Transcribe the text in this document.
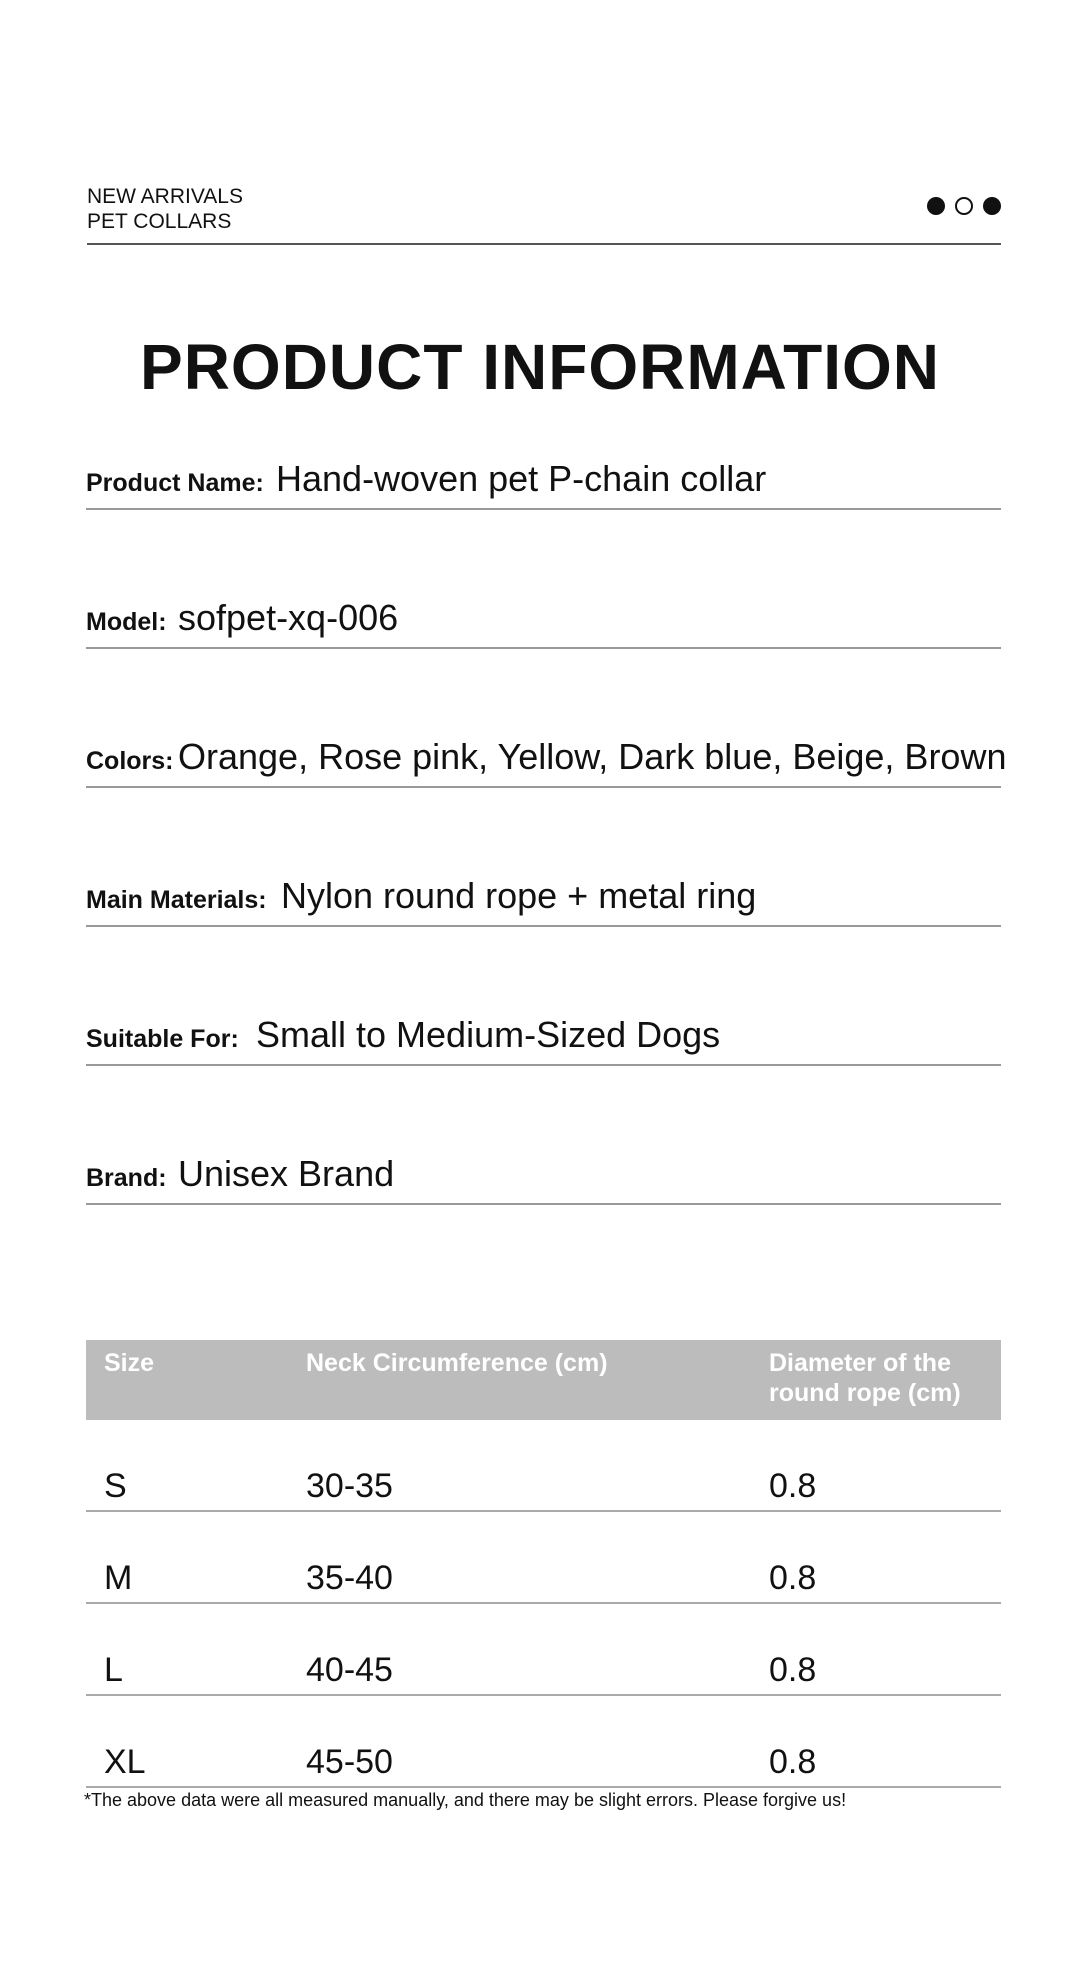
NEW ARRIVALS
PET COLLARS
PRODUCT INFORMATION
Product Name: Hand-woven pet P-chain collar
Model: sofpet-xq-006
Colors: Orange, Rose pink, Yellow, Dark blue, Beige, Brown
Main Materials: Nylon round rope + metal ring
Suitable For: Small to Medium-Sized Dogs
Brand: Unisex Brand
Size	Neck Circumference (cm)	Diameter of the
round rope (cm)
S	30-35	0.8
M	35-40	0.8
L	40-45	0.8
XL	45-50	0.8
*The above data were all measured manually, and there may be slight errors. Please forgive us!
